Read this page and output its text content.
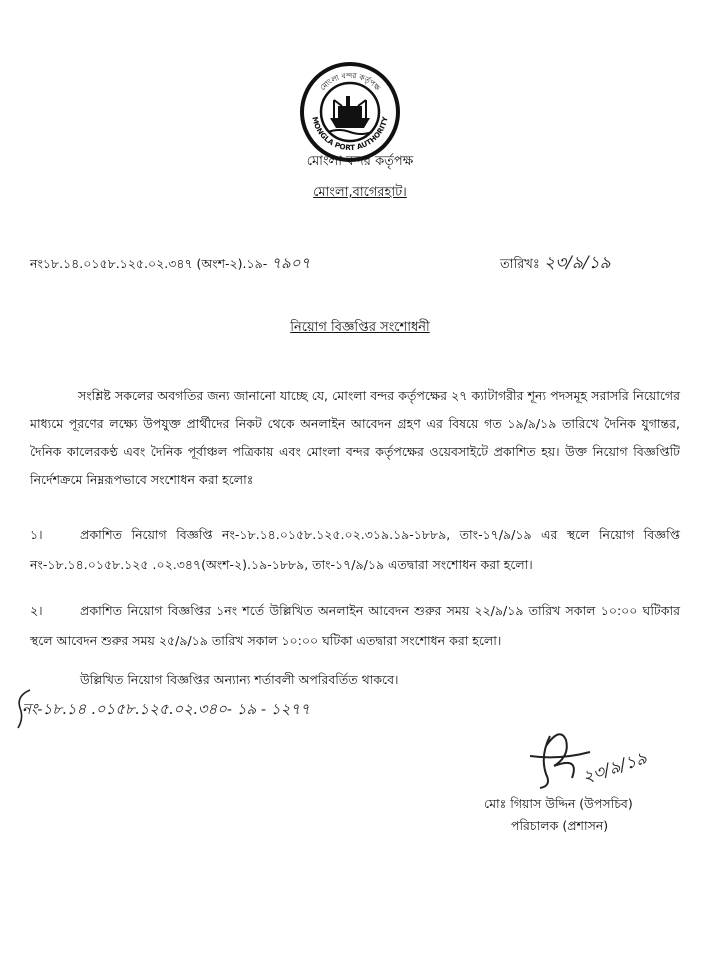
মোংলা বন্দর কর্তৃপক্ষ
MONGLA PORT AUTHORITY
মোংলা বন্দর কর্তৃপক্ষ
মোংলা,বাগেরহাট।
নং১৮.১৪.০১৫৮.১২৫.০২.৩৪৭ (অংশ-২).১৯- ৭৯০৭	তারিখঃ ২৩/৯/১৯
নিয়োগ বিজ্ঞপ্তির সংশোধনী
সংশ্লিষ্ট সকলের অবগতির জন্য জানানো যাচ্ছে যে, মোংলা বন্দর কর্তৃপক্ষের ২৭ ক্যাটাগরীর শূন্য পদসমূহ সরাসরি নিয়োগের মাধ্যমে পূরণের লক্ষ্যে উপযুক্ত প্রার্থীদের নিকট থেকে অনলাইন আবেদন গ্রহণ এর বিষয়ে গত ১৯/৯/১৯ তারিখে দৈনিক যুগান্তর, দৈনিক কালেরকণ্ঠ এবং দৈনিক পূর্বাঞ্চল পত্রিকায় এবং মোংলা বন্দর কর্তৃপক্ষের ওয়েবসাইটে প্রকাশিত হয়। উক্ত নিয়োগ বিজ্ঞপ্তিটি নির্দেশক্রমে নিম্নরূপভাবে সংশোধন করা হলোঃ
১।	প্রকাশিত নিয়োগ বিজ্ঞপ্তি নং-১৮.১৪.০১৫৮.১২৫.০২.৩১৯.১৯-১৮৮৯, তাং-১৭/৯/১৯ এর স্থলে নিয়োগ বিজ্ঞপ্তি নং-১৮.১৪.০১৫৮.১২৫ .০২.৩৪৭(অংশ-২).১৯-১৮৮৯, তাং-১৭/৯/১৯ এতদ্বারা সংশোধন করা হলো।
২।	প্রকাশিত নিয়োগ বিজ্ঞপ্তির ১নং শর্তে উল্লিখিত অনলাইন আবেদন শুরুর সময় ২২/৯/১৯ তারিখ সকাল ১০:০০ ঘটিকার স্থলে আবেদন শুরুর সময় ২৫/৯/১৯ তারিখ সকাল ১০:০০ ঘটিকা এতদ্বারা সংশোধন করা হলো।
উল্লিখিত নিয়োগ বিজ্ঞপ্তির অন্যান্য শর্তাবলী অপরিবর্তিত থাকবে।
নং-১৮.১৪ .০১৫৮.১২৫.০২.৩৪০- ১৯ - ১২৭৭
২৩/৯/১৯
মোঃ গিয়াস উদ্দিন (উপসচিব)
পরিচালক (প্রশাসন)
